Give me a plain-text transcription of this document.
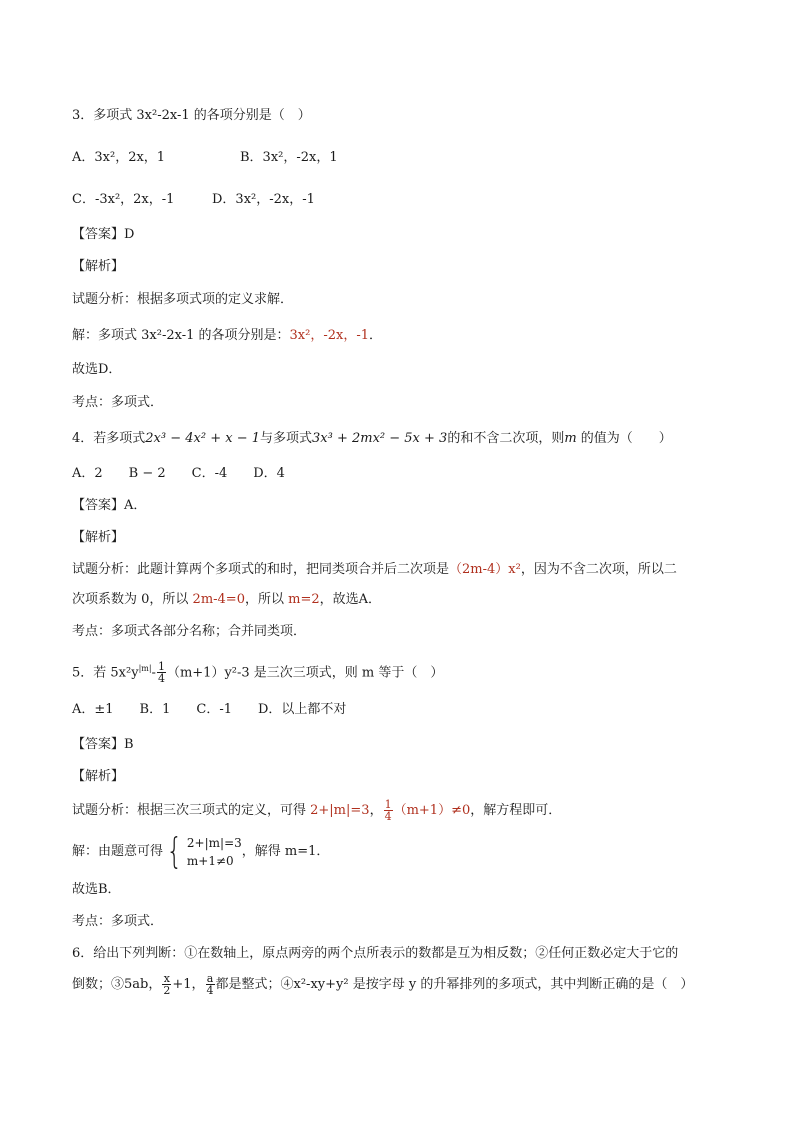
3．多项式 3x²-2x-1 的各项分别是（　）
A．3x²，2x，1	B．3x²，-2x，1
C．-3x²，2x，-1	D．3x²，-2x，-1
【答案】D
【解析】
试题分析：根据多项式项的定义求解．
解：多项式 3x²-2x-1 的各项分别是：3x²，-2x，-1．
故选D．
考点：多项式．
4．若多项式2x³ − 4x² + x − 1与多项式3x³ + 2mx² − 5x + 3的和不含二次项，则m 的值为（　　）
A．2　　B − 2　　C．-4　　D．4
【答案】A．
【解析】
试题分析：此题计算两个多项式的和时，把同类项合并后二次项是（2m-4）x²，因为不含二次项，所以二
次项系数为 0，所以 2m-4=0，所以 m=2，故选A．
考点：多项式各部分名称；合并同类项．
5．若 $5x^2y^{|m|}- \frac{1}{4} (m+1)y^2-3$ 是三次三项式，则 m 等于（　）
A．±1　　B．1　　C．-1　　D．以上都不对
【答案】B
【解析】
试题分析：根据三次三项式的定义，可得 2+|m|=3， $\frac{1}{4} (m+1)\ne 0$，解方程即可．
解：由题意可得 { 2+|m|=3
m+1≠0
，解得 m=1．
故选B．
考点：多项式．
6．给出下列判断：①在数轴上，原点两旁的两个点所表示的数都是互为相反数；②任何正数必定大于它的
倒数；③5ab， $\frac{x}{2} +1$， $\frac{a}{4}$ 都是整式；④x²-xy+y² 是按字母 y 的升幂排列的多项式，其中判断正确的是（　）
